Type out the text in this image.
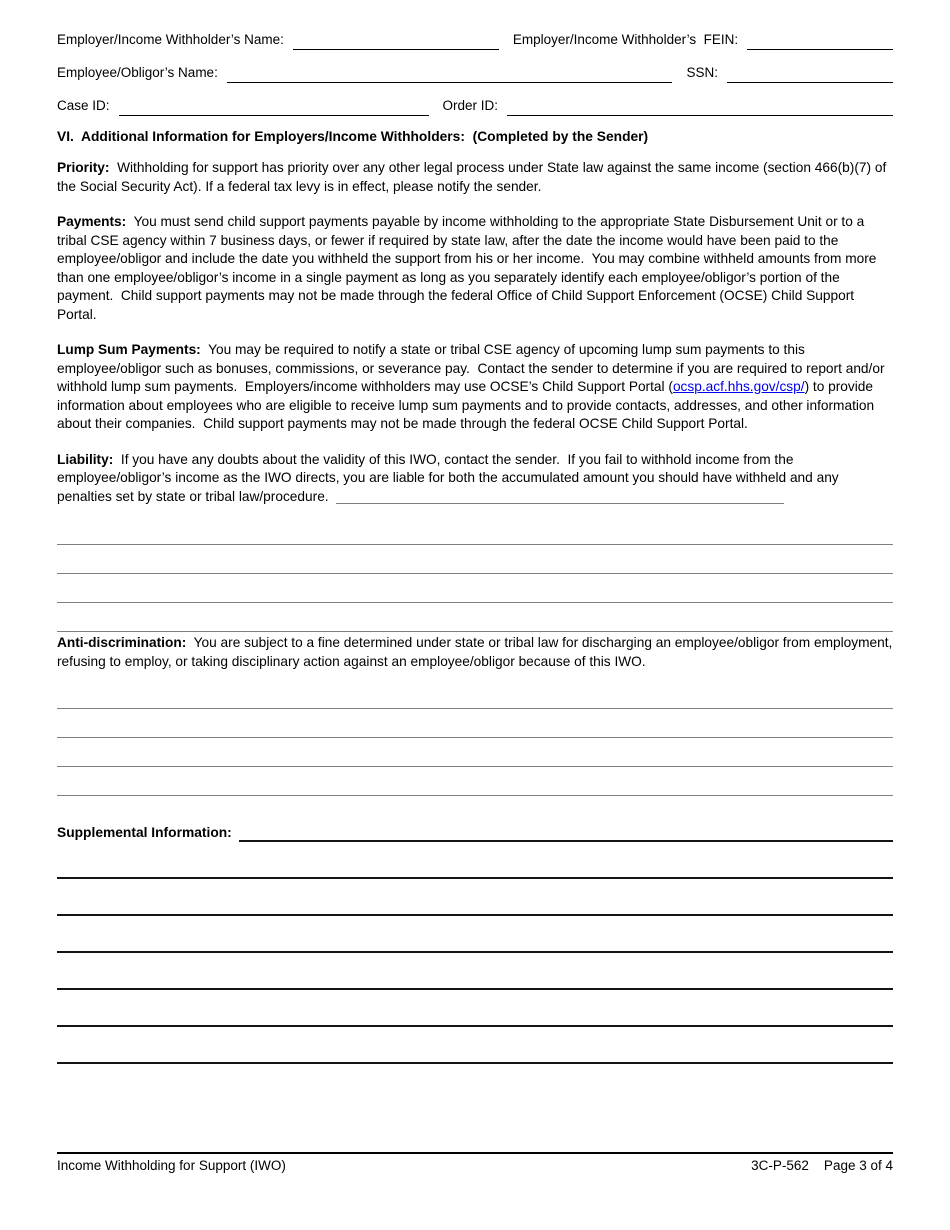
Employer/Income Withholder’s Name:	Employer/Income Withholder’s  FEIN:
Employee/Obligor’s Name:	SSN:
Case ID:	Order ID:
VI.  Additional Information for Employers/Income Withholders:  (Completed by the Sender)

Priority:  Withholding for support has priority over any other legal process under State law against the same income (section 466(b)(7) of the Social Security Act). If a federal tax levy is in effect, please notify the sender.

Payments:  You must send child support payments payable by income withholding to the appropriate State Disbursement Unit or to a tribal CSE agency within 7 business days, or fewer if required by state law, after the date the income would have been paid to the employee/obligor and include the date you withheld the support from his or her income.  You may combine withheld amounts from more than one employee/obligor’s income in a single payment as long as you separately identify each employee/obligor’s portion of the payment.  Child support payments may not be made through the federal Office of Child Support Enforcement (OCSE) Child Support Portal.

Lump Sum Payments:  You may be required to notify a state or tribal CSE agency of upcoming lump sum payments to this employee/obligor such as bonuses, commissions, or severance pay.  Contact the sender to determine if you are required to report and/or withhold lump sum payments.  Employers/income withholders may use OCSE’s Child Support Portal (ocsp.acf.hhs.gov/csp/) to provide information about employees who are eligible to receive lump sum payments and to provide contacts, addresses, and other information about their companies.  Child support payments may not be made through the federal OCSE Child Support Portal.

Liability:  If you have any doubts about the validity of this IWO, contact the sender.  If you fail to withhold income from the employee/obligor’s income as the IWO directs, you are liable for both the accumulated amount you should have withheld and any penalties set by state or tribal law/procedure.

Anti-discrimination:  You are subject to a fine determined under state or tribal law for discharging an employee/obligor from employment, refusing to employ, or taking disciplinary action against an employee/obligor because of this IWO.

Supplemental Information:
Income Withholding for Support (IWO)	3C-P-562    Page 3 of 4
